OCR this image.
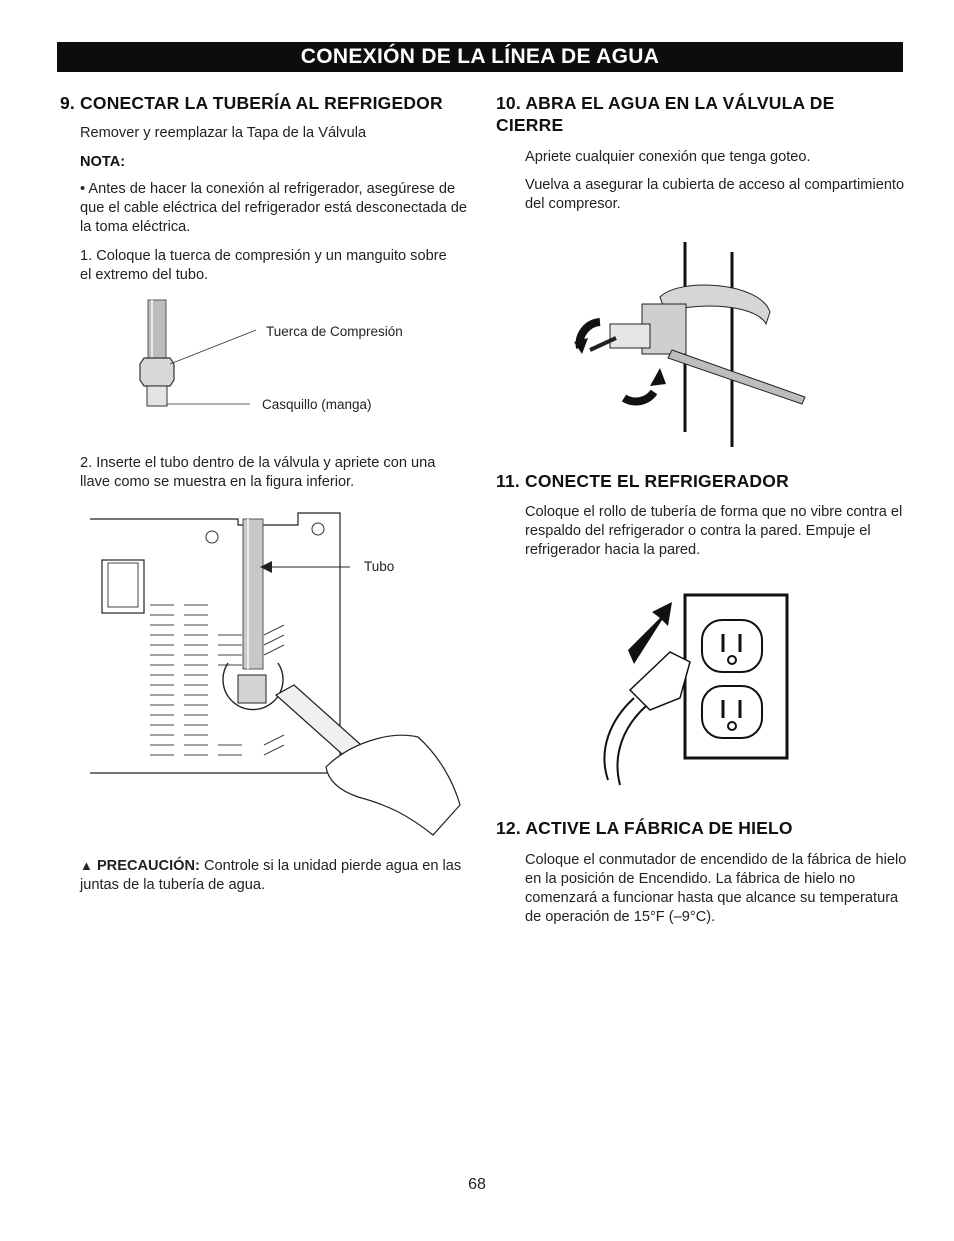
CONEXIÓN DE LA LÍNEA DE AGUA
9. CONECTAR LA TUBERÍA AL REFRIGEDOR
Remover y reemplazar la Tapa de la Válvula
NOTA:
• Antes de hacer la conexión al refrigerador, asegúrese de que el cable eléctrica del refrigerador está desconectada de la toma eléctrica.
1. Coloque la tuerca de compresión y un manguito sobre el extremo del tubo.
Tuerca de Compresión
Casquillo (manga)
2. Inserte el tubo dentro de la válvula y apriete con una llave como se muestra en la figura inferior.
Tubo
▲ PRECAUCIÓN: Controle si la unidad pierde agua en las juntas de la tubería de agua.
10. ABRA EL AGUA EN LA VÁLVULA DE CIERRE
Apriete cualquier conexión que tenga goteo.
Vuelva a asegurar la cubierta de acceso al compartimiento del compresor.
11. CONECTE EL REFRIGERADOR
Coloque el rollo de tubería de forma que no vibre contra el respaldo del refrigerador o contra la pared. Empuje el refrigerador hacia la pared.
12. ACTIVE LA FÁBRICA DE HIELO
Coloque el conmutador de encendido de la fábrica de hielo en la posición de Encendido. La fábrica de hielo no comenzará a funcionar hasta que alcance su temperatura de operación de 15°F (–9°C).
68
